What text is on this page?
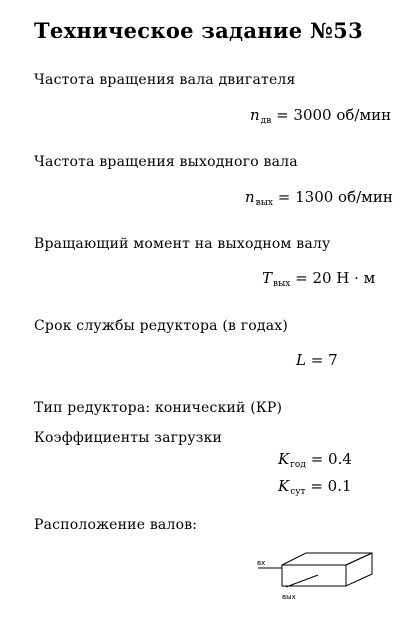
Техническое задание №53
Частота вращения вала двигателя
$n_{дв} = 3000$ об/мин
Частота вращения выходного вала
$n_{вых} = 1300$ об/мин
Вращающий момент на выходном валу
$T_{вых} = 20$ Н · м
Срок службы редуктора (в годах)
L = 7
Тип редуктора: конический (КР)
Коэффициенты загрузки
$K_{год} = 0.4$
$K_{сут} = 0.1$
Расположение валов:
вх
вых
